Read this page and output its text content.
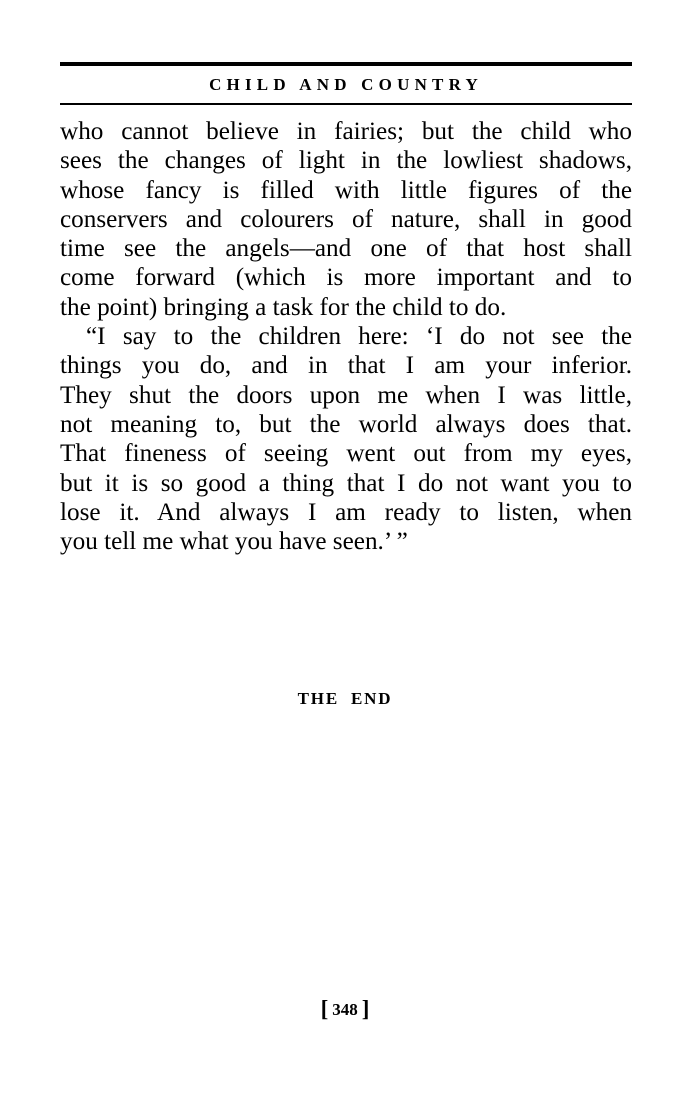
CHILD AND COUNTRY
who cannot believe in fairies; but the child who
sees the changes of light in the lowliest shadows,
whose fancy is filled with little figures of the
conservers and colourers of nature, shall in good
time see the angels—and one of that host shall
come forward (which is more important and to
the point) bringing a task for the child to do.
“I say to the children here: ‘I do not see the
things you do, and in that I am your inferior.
They shut the doors upon me when I was little,
not meaning to, but the world always does that.
That fineness of seeing went out from my eyes,
but it is so good a thing that I do not want you to
lose it. And always I am ready to listen, when
you tell me what you have seen.’ ”
THE END
[ 348 ]
